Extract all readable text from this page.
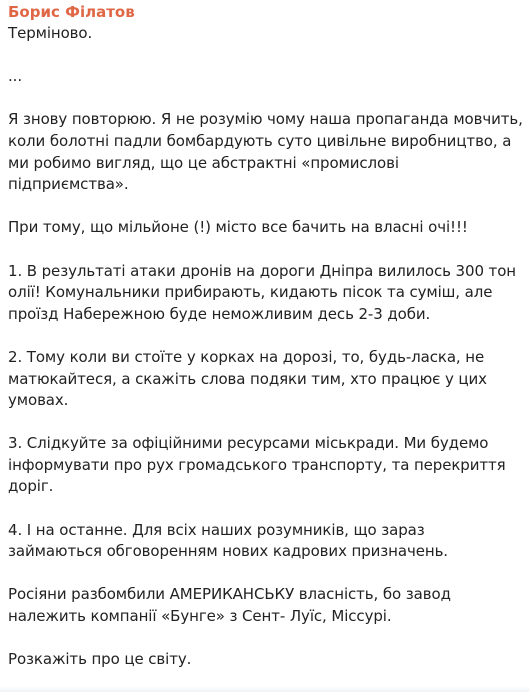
Борис Філатов

Терміново.

...

Я знову повторюю. Я не розумію чому наша пропаганда мовчить, коли болотні падли бомбардують суто цивільне виробництво, а ми робимо вигляд, що це абстрактні «промислові підприємства».

При тому, що мільйоне (!) місто все бачить на власні очі!!!

1. В результаті атаки дронів на дороги Дніпра вилилось 300 тон олії! Комунальники прибирають, кидають пісок та суміш, але проїзд Набережною буде неможливим десь 2-3 доби.

2. Тому коли ви стоїте у корках на дорозі, то, будь-ласка, не матюкайтеся, а скажіть слова подяки тим, хто працює у цих умовах.

3. Слідкуйте за офіційними ресурсами міськради. Ми будемо інформувати про рух громадського транспорту, та перекриття доріг.

4. І на останне. Для всіх наших розумників, що зараз займаються обговоренням нових кадрових призначень.

Росіяни разбомбили АМЕРИКАНСЬКУ власність, бо завод належить компанії «Бунге» з Сент- Луїс, Міссурі.

Розкажіть про це світу.
